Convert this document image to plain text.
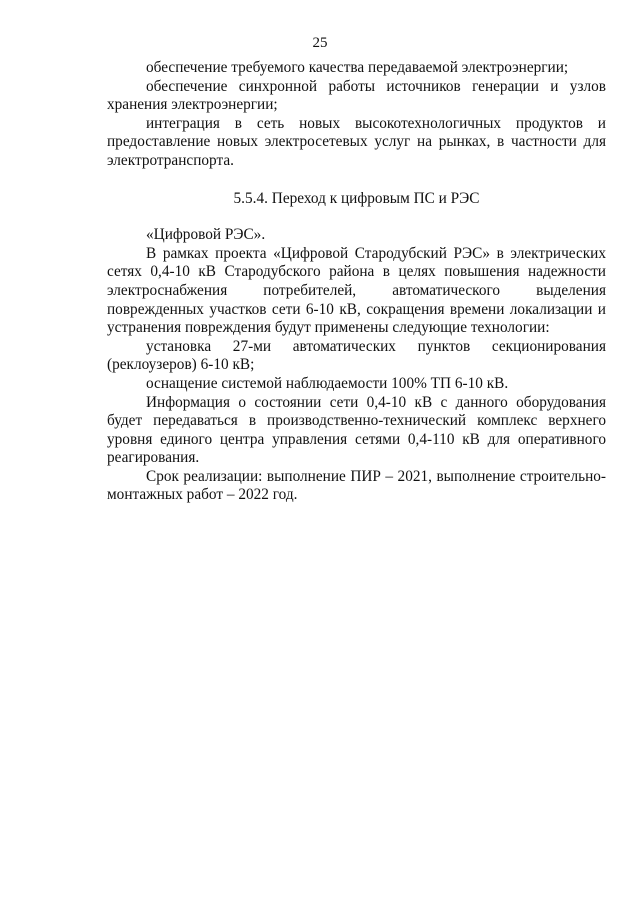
25

обеспечение требуемого качества передаваемой электроэнергии;

обеспечение синхронной работы источников генерации и узлов хранения электроэнергии;

интеграция в сеть новых высокотехнологичных продуктов и предоставление новых электросетевых услуг на рынках, в частности для электротранспорта.

5.5.4. Переход к цифровым ПС и РЭС

«Цифровой РЭС».

В рамках проекта «Цифровой Стародубский РЭС» в электрических сетях 0,4-10 кВ Стародубского района в целях повышения надежности электроснабжения потребителей, автоматического выделения поврежденных участков сети 6-10 кВ, сокращения времени локализации и устранения повреждения будут применены следующие технологии:

установка 27-ми автоматических пунктов секционирования (реклоузеров) 6-10 кВ;

оснащение системой наблюдаемости 100% ТП 6-10 кВ.

Информация о состоянии сети 0,4-10 кВ с данного оборудования будет передаваться в производственно-технический комплекс верхнего уровня единого центра управления сетями 0,4-110 кВ для оперативного реагирования.

Срок реализации: выполнение ПИР – 2021, выполнение строительно-монтажных работ – 2022 год.
